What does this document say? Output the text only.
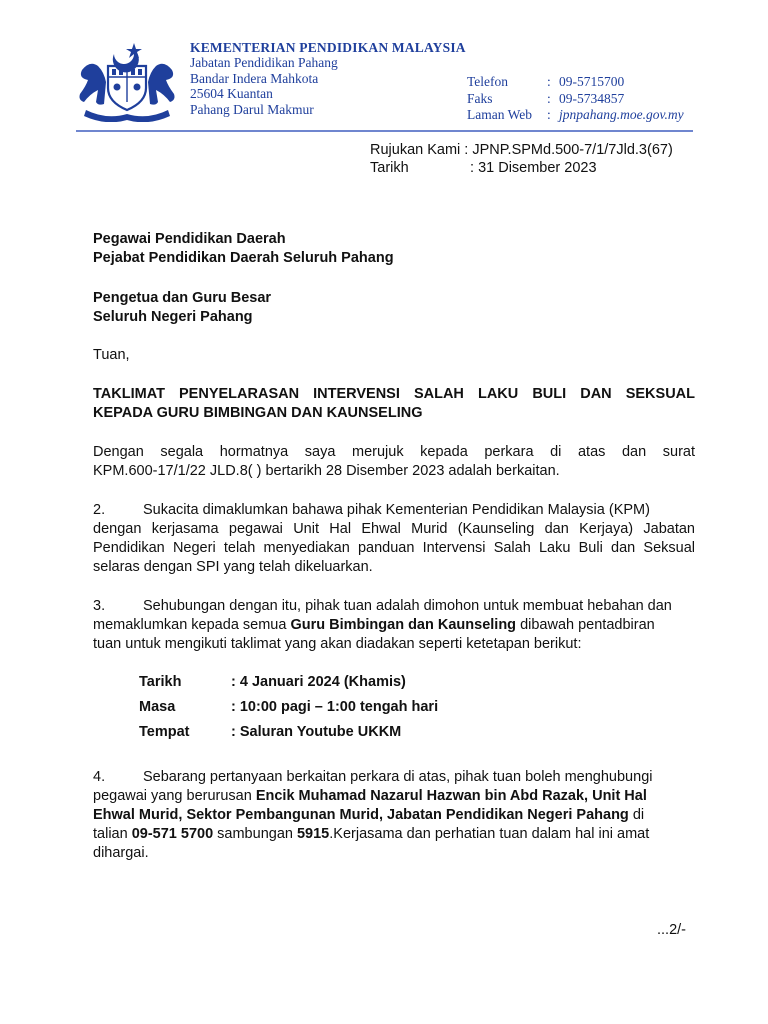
KEMENTERIAN PENDIDIKAN MALAYSIA
Jabatan Pendidikan Pahang
Bandar Indera Mahkota
25604 Kuantan
Pahang Darul Makmur
Telefon	: 09-5715700
Faks	: 09-5734857
Laman Web : jpnpahang.moe.gov.my
Rujukan Kami : JPNP.SPMd.500-7/1/7Jld.3(67)
Tarikh	: 31 Disember 2023
Pegawai Pendidikan Daerah
Pejabat Pendidikan Daerah Seluruh Pahang
Pengetua dan Guru Besar
Seluruh Negeri Pahang
Tuan,
TAKLIMAT PENYELARASAN INTERVENSI SALAH LAKU BULI DAN SEKSUAL
KEPADA GURU BIMBINGAN DAN KAUNSELING
Dengan segala hormatnya saya merujuk kepada perkara di atas dan surat
KPM.600-17/1/22 JLD.8( ) bertarikh 28 Disember 2023 adalah berkaitan.
2.	Sukacita dimaklumkan bahawa pihak Kementerian Pendidikan Malaysia (KPM)
dengan kerjasama pegawai Unit Hal Ehwal Murid (Kaunseling dan Kerjaya) Jabatan
Pendidikan Negeri telah menyediakan panduan Intervensi Salah Laku Buli dan Seksual
selaras dengan SPI yang telah dikeluarkan.
3.	Sehubungan dengan itu, pihak tuan adalah dimohon untuk membuat hebahan dan
memaklumkan kepada semua Guru Bimbingan dan Kaunseling dibawah pentadbiran
tuan untuk mengikuti taklimat yang akan diadakan seperti ketetapan berikut:
Tarikh	: 4 Januari 2024 (Khamis)
Masa	: 10:00 pagi – 1:00 tengah hari
Tempat	: Saluran Youtube UKKM
4.	Sebarang pertanyaan berkaitan perkara di atas, pihak tuan boleh menghubungi
pegawai yang berurusan Encik Muhamad Nazarul Hazwan bin Abd Razak, Unit Hal
Ehwal Murid, Sektor Pembangunan Murid, Jabatan Pendidikan Negeri Pahang di
talian 09-571 5700 sambungan 5915.Kerjasama dan perhatian tuan dalam hal ini amat
dihargai.
...2/-
